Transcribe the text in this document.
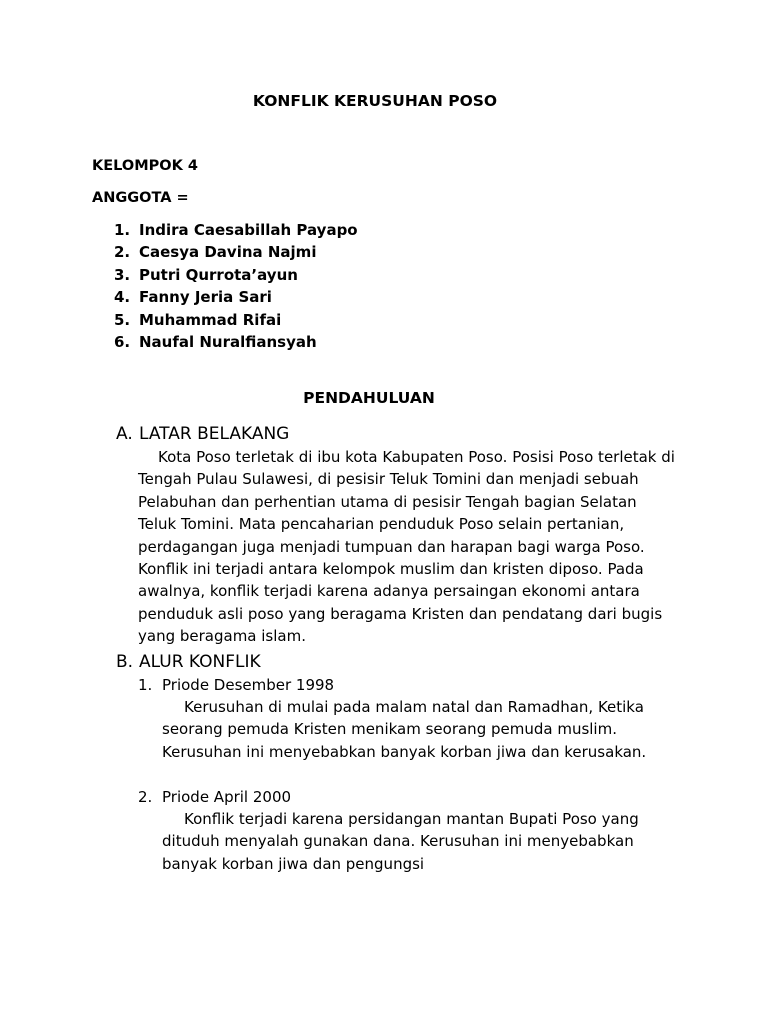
KONFLIK KERUSUHAN POSO
KELOMPOK 4
ANGGOTA =
1. Indira Caesabillah Payapo
2. Caesya Davina Najmi
3. Putri Qurrota’ayun
4. Fanny Jeria Sari
5. Muhammad Rifai
6. Naufal Nuralfiansyah
PENDAHULUAN
A. LATAR BELAKANG

Kota Poso terletak di ibu kota Kabupaten Poso. Posisi Poso terletak di Tengah Pulau Sulawesi, di pesisir Teluk Tomini dan menjadi sebuah Pelabuhan dan perhentian utama di pesisir Tengah bagian Selatan Teluk Tomini. Mata pencaharian penduduk Poso selain pertanian, perdagangan juga menjadi tumpuan dan harapan bagi warga Poso. Konflik ini terjadi antara kelompok muslim dan kristen diposo. Pada awalnya, konflik terjadi karena adanya persaingan ekonomi antara penduduk asli poso yang beragama Kristen dan pendatang dari bugis yang beragama islam.

B. ALUR KONFLIK
1. Priode Desember 1998

Kerusuhan di mulai pada malam natal dan Ramadhan, Ketika seorang pemuda Kristen menikam seorang pemuda muslim. Kerusuhan ini menyebabkan banyak korban jiwa dan kerusakan.

2. Priode April 2000

Konflik terjadi karena persidangan mantan Bupati Poso yang dituduh menyalah gunakan dana. Kerusuhan ini menyebabkan banyak korban jiwa dan pengungsi
